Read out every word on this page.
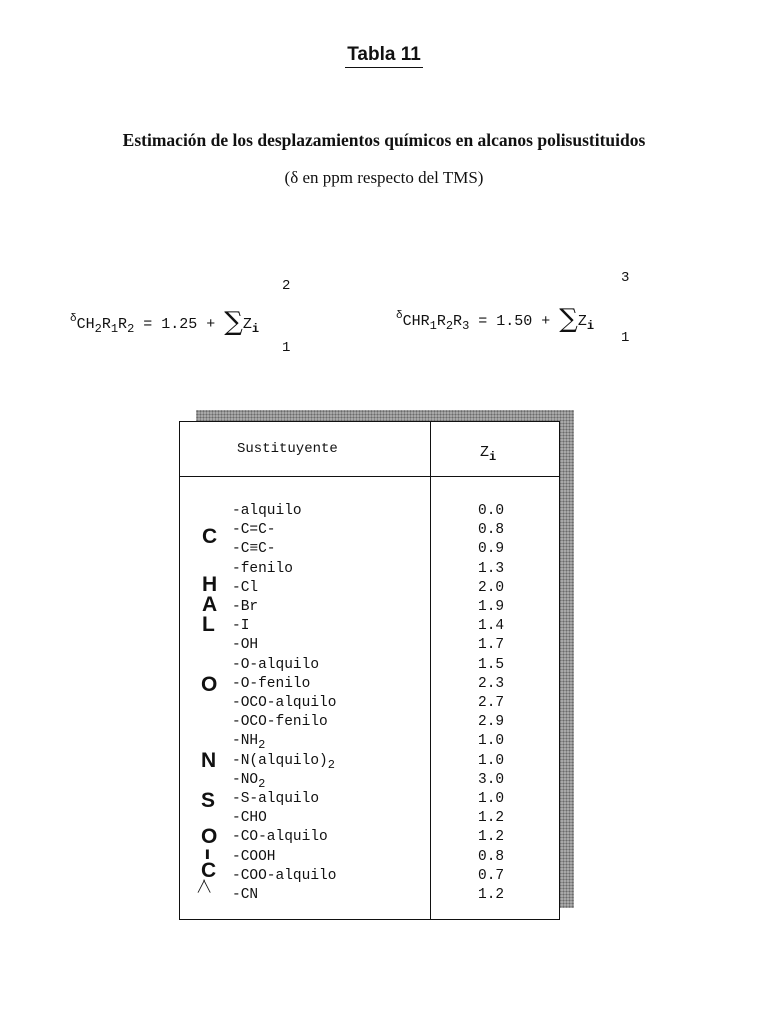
Tabla 11
Estimación de los desplazamientos químicos en alcanos polisustituidos
(δ en ppm respecto del TMS)
$^\delta CH_2R_1R_2 = 1.25 + \sum Z_i$
2
1
$^\delta CHR_1R_2R_3 = 1.50 + \sum Z_i$
3
1
Sustituyente	$Z_i$
-alquilo	0.0
-C=C-	0.8
-C≡C-	0.9
-fenilo	1.3
-Cl	2.0
-Br	1.9
-I	1.4
-OH	1.7
-O-alquilo	1.5
-O-fenilo	2.3
-OCO-alquilo	2.7
-OCO-fenilo	2.9
$-NH_2$	1.0
$-N(alquilo)_2$	1.0
$-NO_2$	3.0
-S-alquilo	1.0
-CHO	1.2
-CO-alquilo	1.2
-COOH	0.8
-COO-alquilo	0.7
-CN	1.2
C
H
A
L
O
N
S
O
II
C
╱╲
